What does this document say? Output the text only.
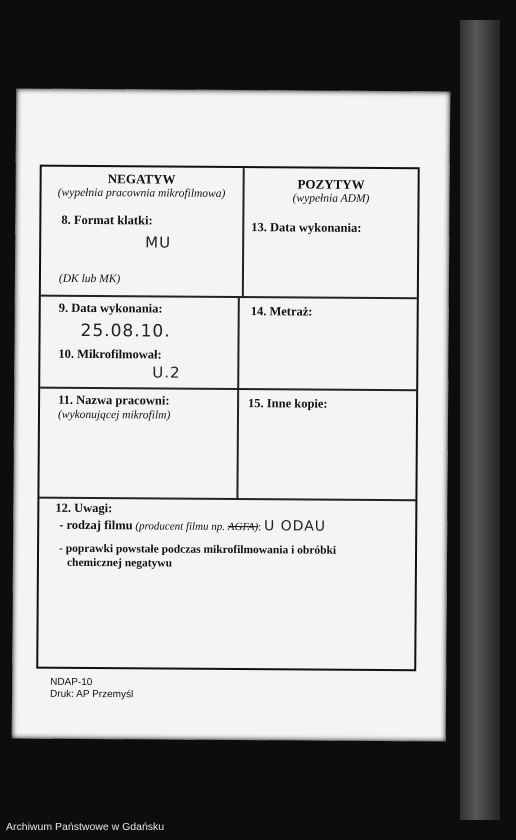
NEGATYW
(wypełnia pracownia mikrofilmowa)
8. Format klatki:
MU
(DK lub MK)
POZYTYW
(wypełnia ADM)
13. Data wykonania:
9. Data wykonania:
25.08.10.
10. Mikrofilmował:
U.2
14. Metraż:
11. Nazwa pracowni:
(wykonującej mikrofilm)
15. Inne kopie:
12. Uwagi:
- rodzaj filmu (producent filmu np. AGFA): U ODAU
- poprawki powstałe podczas mikrofilmowania i obróbki
chemicznej negatywu
NDAP-10
Druk: AP Przemyśl
Archiwum Państwowe w Gdańsku
